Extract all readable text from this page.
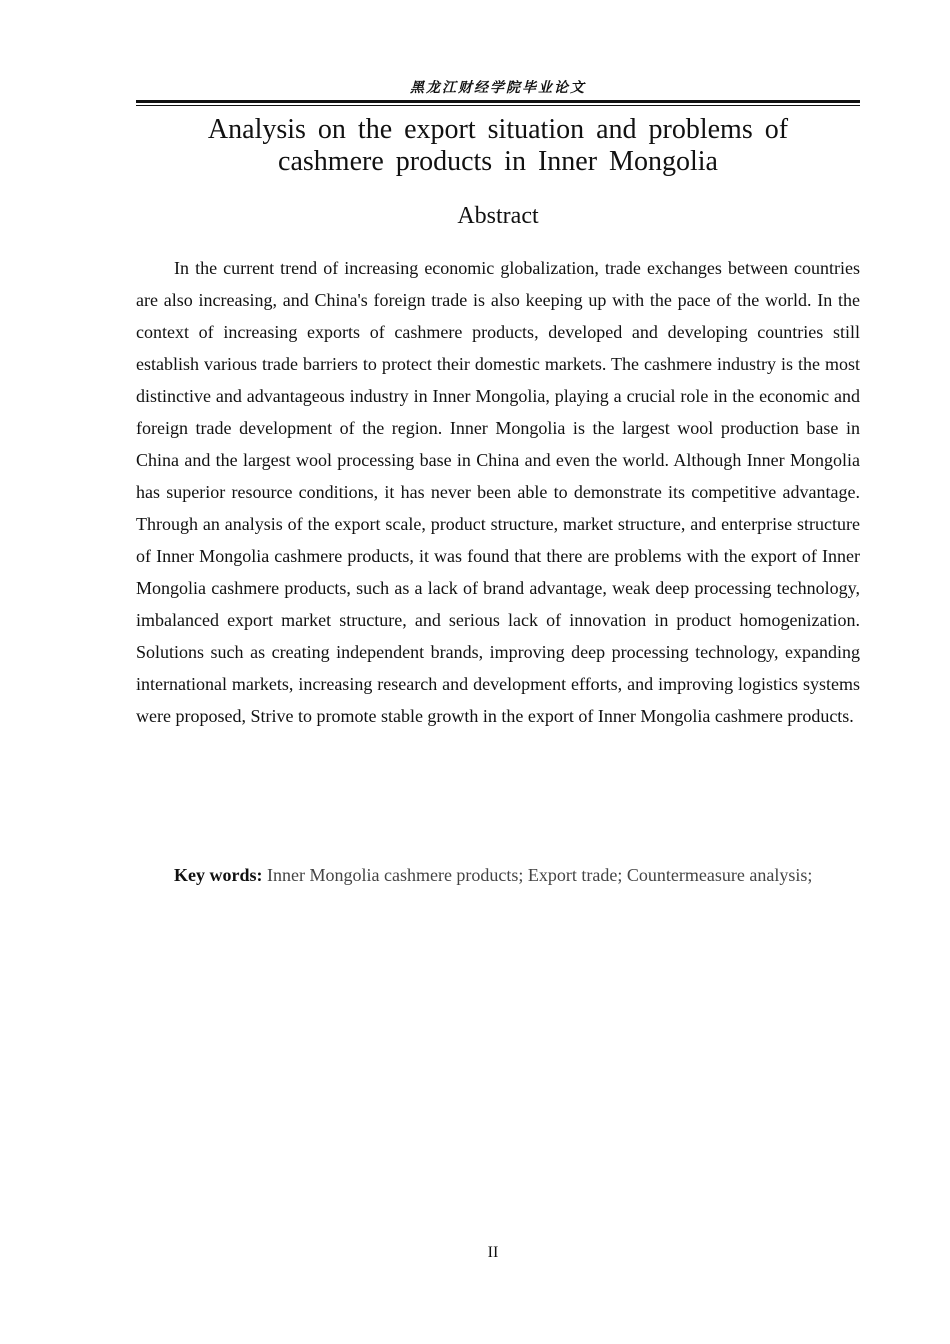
黑龙江财经学院毕业论文
Analysis on the export situation and problems of cashmere products in Inner Mongolia
Abstract

In the current trend of increasing economic globalization, trade exchanges between countries are also increasing, and China's foreign trade is also keeping up with the pace of the world. In the context of increasing exports of cashmere products, developed and developing countries still establish various trade barriers to protect their domestic markets. The cashmere industry is the most distinctive and advantageous industry in Inner Mongolia, playing a crucial role in the economic and foreign trade development of the region. Inner Mongolia is the largest wool production base in China and the largest wool processing base in China and even the world. Although Inner Mongolia has superior resource conditions, it has never been able to demonstrate its competitive advantage. Through an analysis of the export scale, product structure, market structure, and enterprise structure of Inner Mongolia cashmere products, it was found that there are problems with the export of Inner Mongolia cashmere products, such as a lack of brand advantage, weak deep processing technology, imbalanced export market structure, and serious lack of innovation in product homogenization. Solutions such as creating independent brands, improving deep processing technology, expanding international markets, increasing research and development efforts, and improving logistics systems were proposed, Strive to promote stable growth in the export of Inner Mongolia cashmere products.

Key words: Inner Mongolia cashmere products; Export trade; Countermeasure analysis;

II
